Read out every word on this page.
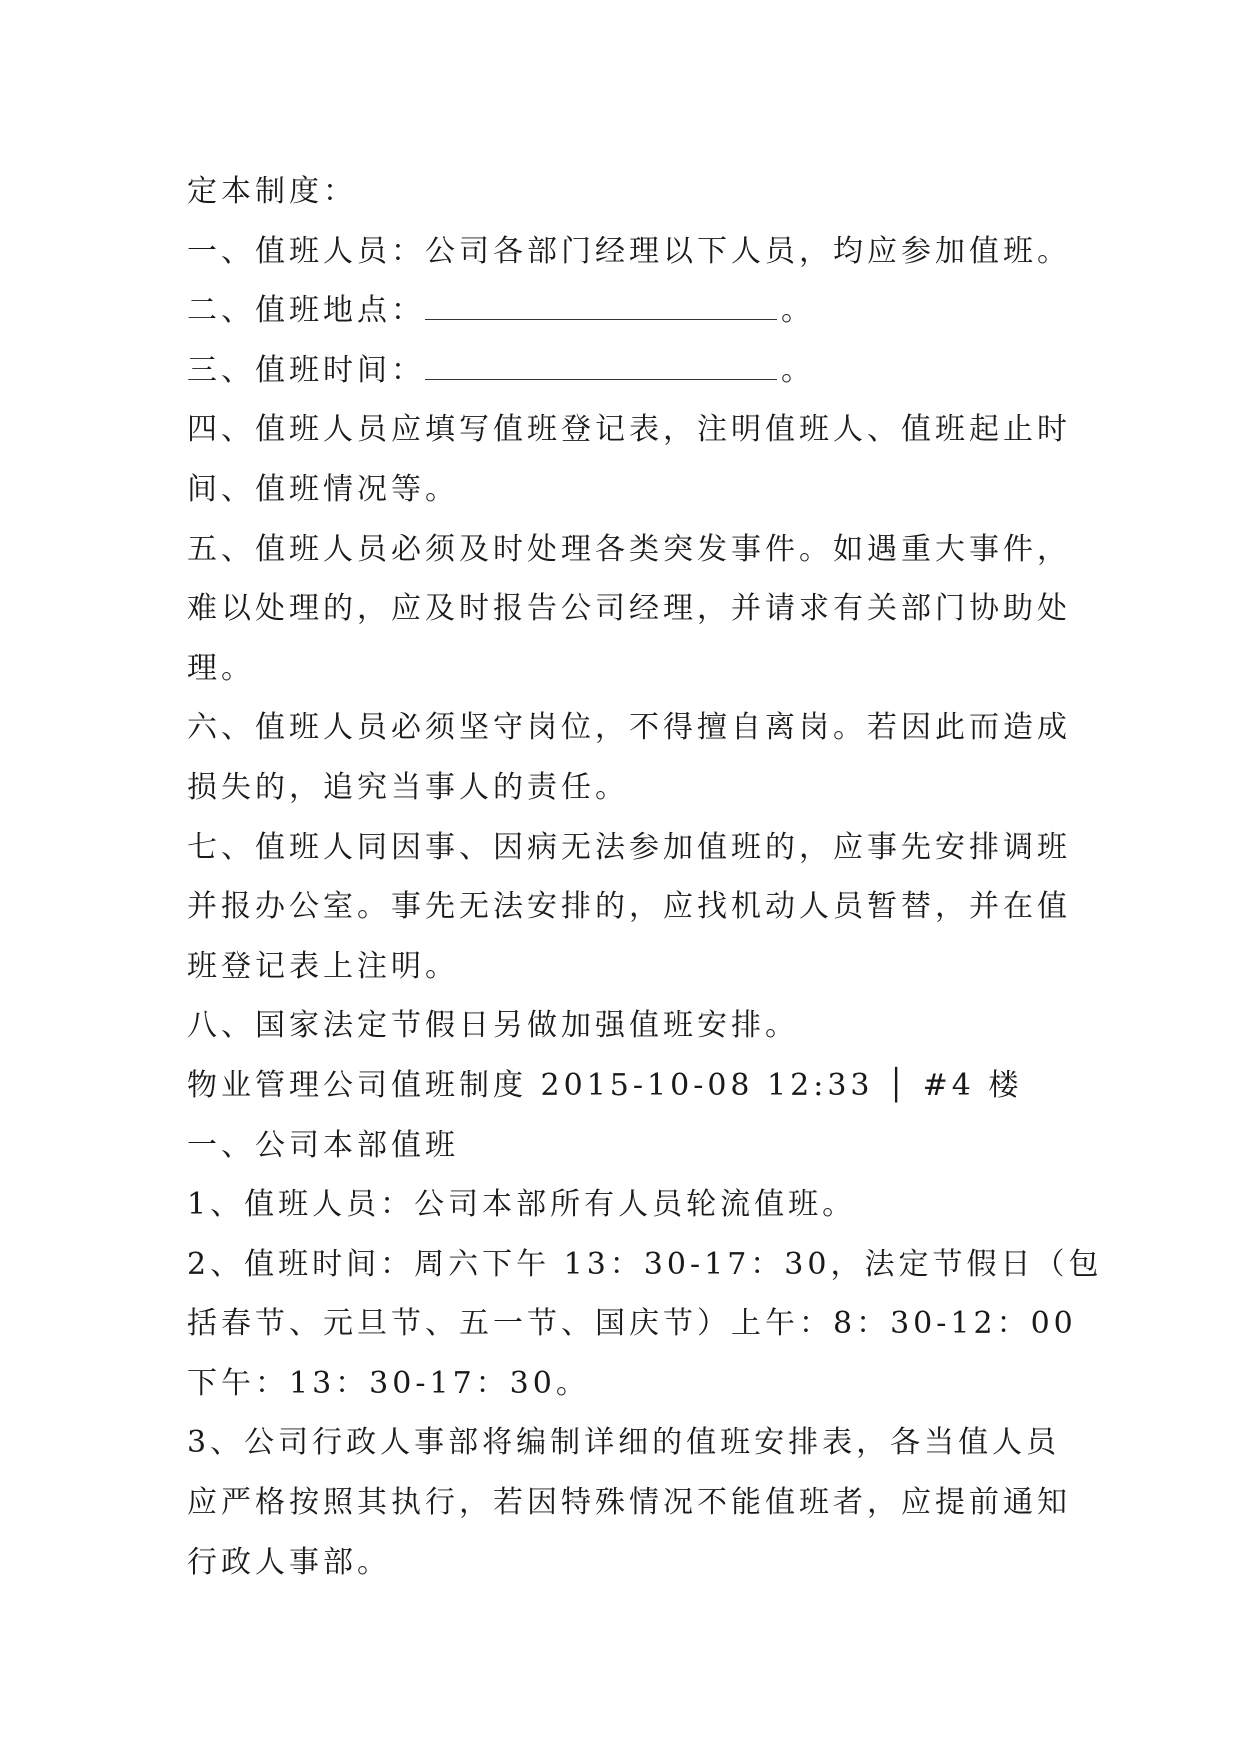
定本制度：
一、值班人员：公司各部门经理以下人员，均应参加值班。
二、值班地点：	。
三、值班时间：	。
四、值班人员应填写值班登记表，注明值班人、值班起止时
间、值班情况等。
五、值班人员必须及时处理各类突发事件。如遇重大事件，
难以处理的，应及时报告公司经理，并请求有关部门协助处
理。
六、值班人员必须坚守岗位，不得擅自离岗。若因此而造成
损失的，追究当事人的责任。
七、值班人同因事、因病无法参加值班的，应事先安排调班
并报办公室。事先无法安排的，应找机动人员暂替，并在值
班登记表上注明。
八、国家法定节假日另做加强值班安排。
物业管理公司值班制度 2015-10-08 12:33 │ #4 楼
一、公司本部值班
1、值班人员：公司本部所有人员轮流值班。
2、值班时间：周六下午 13：30-17：30，法定节假日（包
括春节、元旦节、五一节、国庆节）上午：8：30-12：00
下午：13：30-17：30。
3、公司行政人事部将编制详细的值班安排表，各当值人员
应严格按照其执行，若因特殊情况不能值班者，应提前通知
行政人事部。
